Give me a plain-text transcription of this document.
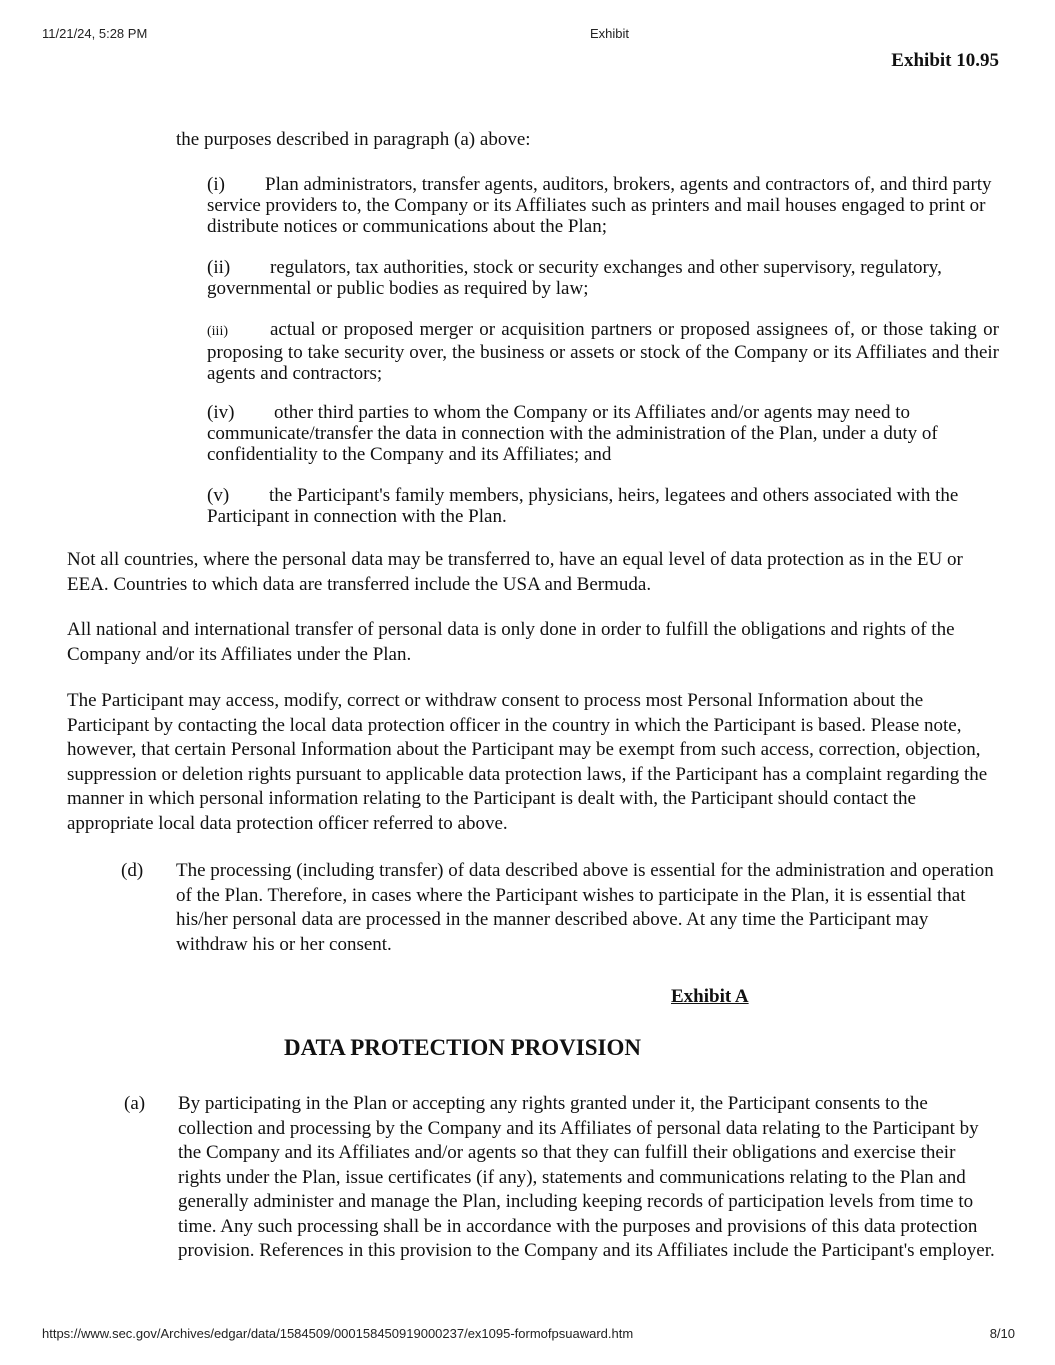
11/21/24, 5:28 PM	Exhibit
Exhibit 10.95

the purposes described in paragraph (a) above:

(i) Plan administrators, transfer agents, auditors, brokers, agents and contractors of, and third party service providers to, the Company or its Affiliates such as printers and mail houses engaged to print or distribute notices or communications about the Plan;
(ii) regulators, tax authorities, stock or security exchanges and other supervisory, regulatory, governmental or public bodies as required by law;
(iii) actual or proposed merger or acquisition partners or proposed assignees of, or those taking or proposing to take security over, the business or assets or stock of the Company or its Affiliates and their agents and contractors;
(iv) other third parties to whom the Company or its Affiliates and/or agents may need to communicate/transfer the data in connection with the administration of the Plan, under a duty of confidentiality to the Company and its Affiliates; and
(v) the Participant's family members, physicians, heirs, legatees and others associated with the Participant in connection with the Plan.

Not all countries, where the personal data may be transferred to, have an equal level of data protection as in the EU or EEA. Countries to which data are transferred include the USA and Bermuda.

All national and international transfer of personal data is only done in order to fulfill the obligations and rights of the Company and/or its Affiliates under the Plan.

The Participant may access, modify, correct or withdraw consent to process most Personal Information about the Participant by contacting the local data protection officer in the country in which the Participant is based. Please note, however, that certain Personal Information about the Participant may be exempt from such access, correction, objection, suppression or deletion rights pursuant to applicable data protection laws, if the Participant has a complaint regarding the manner in which personal information relating to the Participant is dealt with, the Participant should contact the appropriate local data protection officer referred to above.

(d) The processing (including transfer) of data described above is essential for the administration and operation of the Plan. Therefore, in cases where the Participant wishes to participate in the Plan, it is essential that his/her personal data are processed in the manner described above. At any time the Participant may withdraw his or her consent.

Exhibit A
DATA PROTECTION PROVISION
(a) By participating in the Plan or accepting any rights granted under it, the Participant consents to the collection and processing by the Company and its Affiliates of personal data relating to the Participant by the Company and its Affiliates and/or agents so that they can fulfill their obligations and exercise their rights under the Plan, issue certificates (if any), statements and communications relating to the Plan and generally administer and manage the Plan, including keeping records of participation levels from time to time. Any such processing shall be in accordance with the purposes and provisions of this data protection provision. References in this provision to the Company and its Affiliates include the Participant's employer.

https://www.sec.gov/Archives/edgar/data/1584509/000158450919000237/ex1095-formofpsuaward.htm	8/10
